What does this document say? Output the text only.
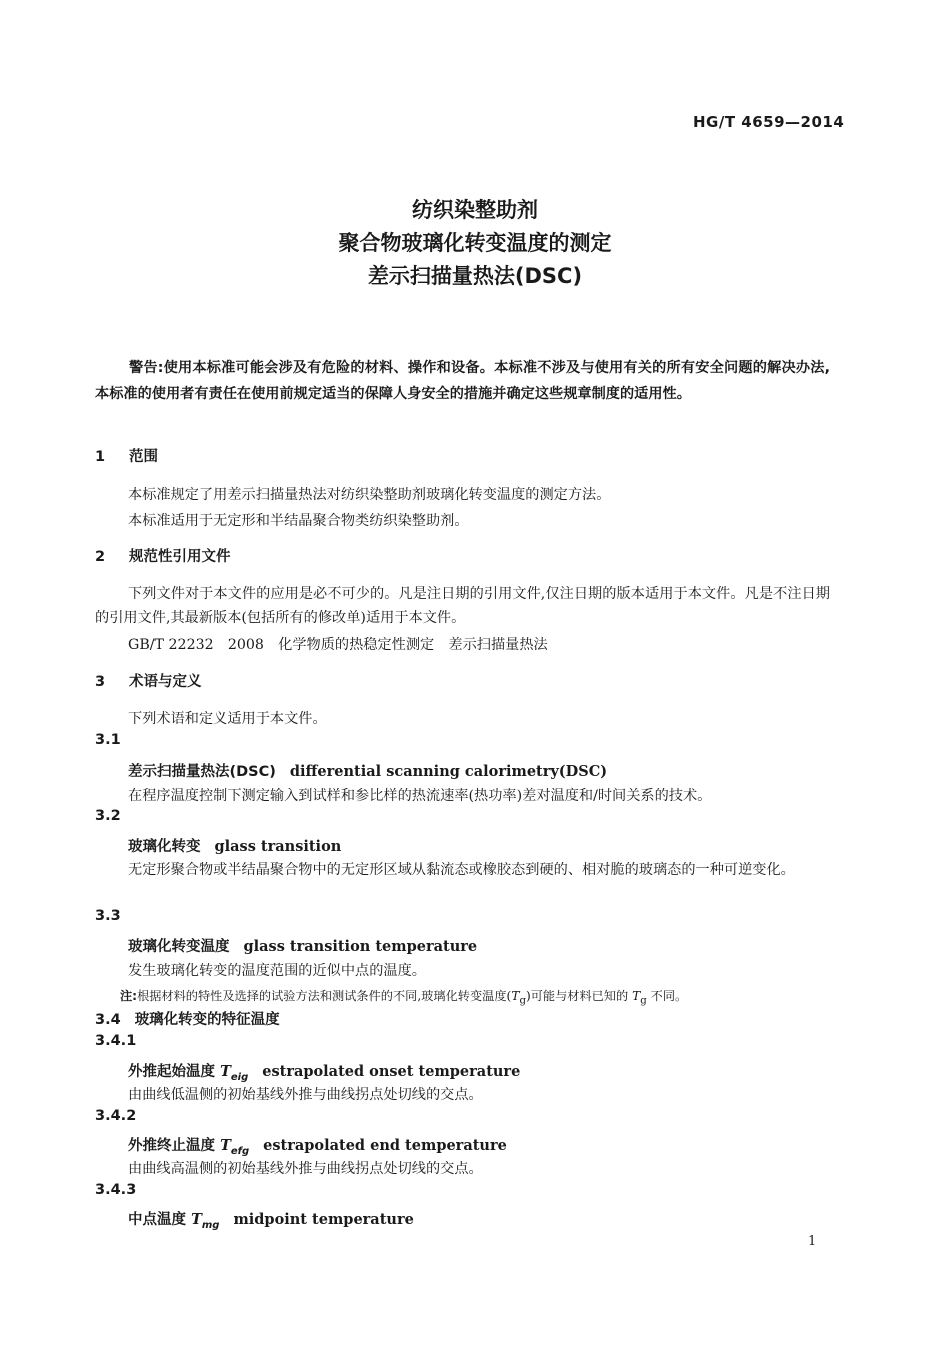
HG/T 4659—2014
纺织染整助剂
聚合物玻璃化转变温度的测定
差示扫描量热法(DSC)
警告:使用本标准可能会涉及有危险的材料、操作和设备。本标准不涉及与使用有关的所有安全问题的解决办法,本标准的使用者有责任在使用前规定适当的保障人身安全的措施并确定这些规章制度的适用性。
1 范围
本标准规定了用差示扫描量热法对纺织染整助剂玻璃化转变温度的测定方法。
本标准适用于无定形和半结晶聚合物类纺织染整助剂。
2 规范性引用文件
下列文件对于本文件的应用是必不可少的。凡是注日期的引用文件,仅注日期的版本适用于本文件。凡是不注日期的引用文件,其最新版本(包括所有的修改单)适用于本文件。
GB/T 22232　2008　化学物质的热稳定性测定　差示扫描量热法
3 术语与定义
下列术语和定义适用于本文件。
3.1
差示扫描量热法(DSC) differential scanning calorimetry(DSC)
在程序温度控制下测定输入到试样和参比样的热流速率(热功率)差对温度和/时间关系的技术。
3.2
玻璃化转变 glass transition
无定形聚合物或半结晶聚合物中的无定形区域从黏流态或橡胶态到硬的、相对脆的玻璃态的一种可逆变化。
3.3
玻璃化转变温度 glass transition temperature
发生玻璃化转变的温度范围的近似中点的温度。
注:根据材料的特性及选择的试验方法和测试条件的不同,玻璃化转变温度$(T_g)$可能与材料已知的 $T_g$ 不同。
3.4 玻璃化转变的特征温度
3.4.1
外推起始温度 $T_{eig}$ estrapolated onset temperature
由曲线低温侧的初始基线外推与曲线拐点处切线的交点。
3.4.2
外推终止温度 $T_{efg}$ estrapolated end temperature
由曲线高温侧的初始基线外推与曲线拐点处切线的交点。
3.4.3
中点温度 $T_{mg}$ midpoint temperature
1
